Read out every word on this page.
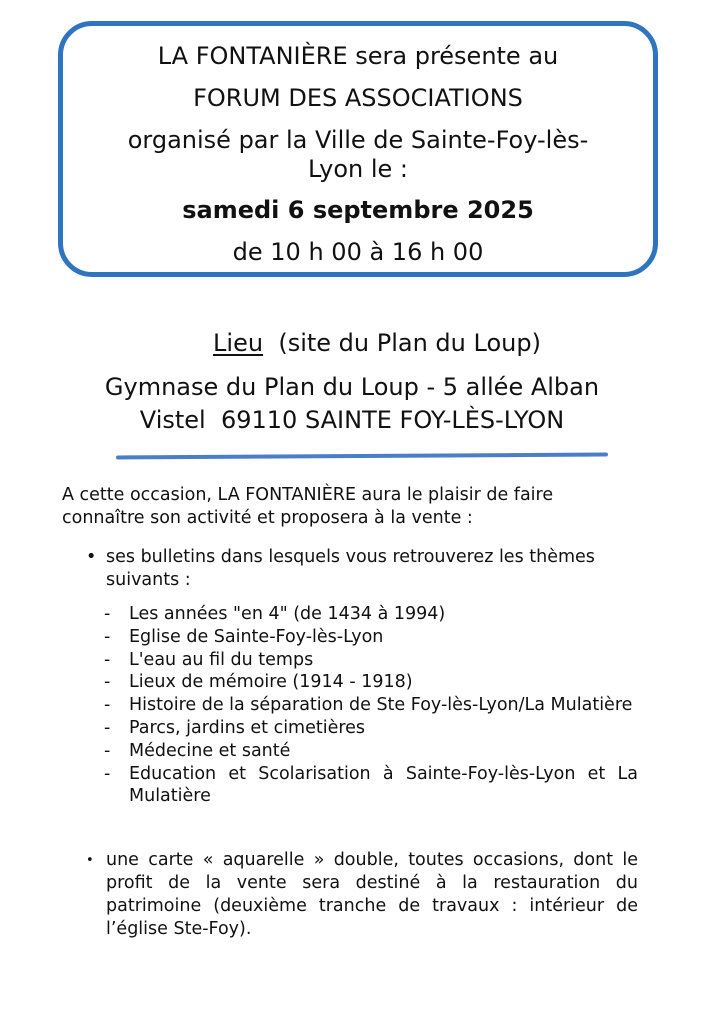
LA FONTANIÈRE sera présente au
FORUM DES ASSOCIATIONS
organisé par la Ville de Sainte-Foy-lès-
Lyon le :
samedi 6 septembre 2025
de 10 h 00 à 16 h 00
Lieu (site du Plan du Loup)
Gymnase du Plan du Loup - 5 allée Alban
Vistel  69110 SAINTE FOY-LÈS-LYON
A cette occasion, LA FONTANIÈRE aura le plaisir de faire connaître son activité et proposera à la vente :
• ses bulletins dans lesquels vous retrouverez les thèmes suivants :
- Les années "en 4" (de 1434 à 1994)
- Eglise de Sainte-Foy-lès-Lyon
- L'eau au fil du temps
- Lieux de mémoire (1914 - 1918)
- Histoire de la séparation de Ste Foy-lès-Lyon/La Mulatière
- Parcs, jardins et cimetières
- Médecine et santé
- Education et Scolarisation à Sainte-Foy-lès-Lyon et La Mulatière
• une carte « aquarelle » double, toutes occasions, dont le profit de la vente sera destiné à la restauration du patrimoine (deuxième tranche de travaux : intérieur de l’église Ste-Foy).
